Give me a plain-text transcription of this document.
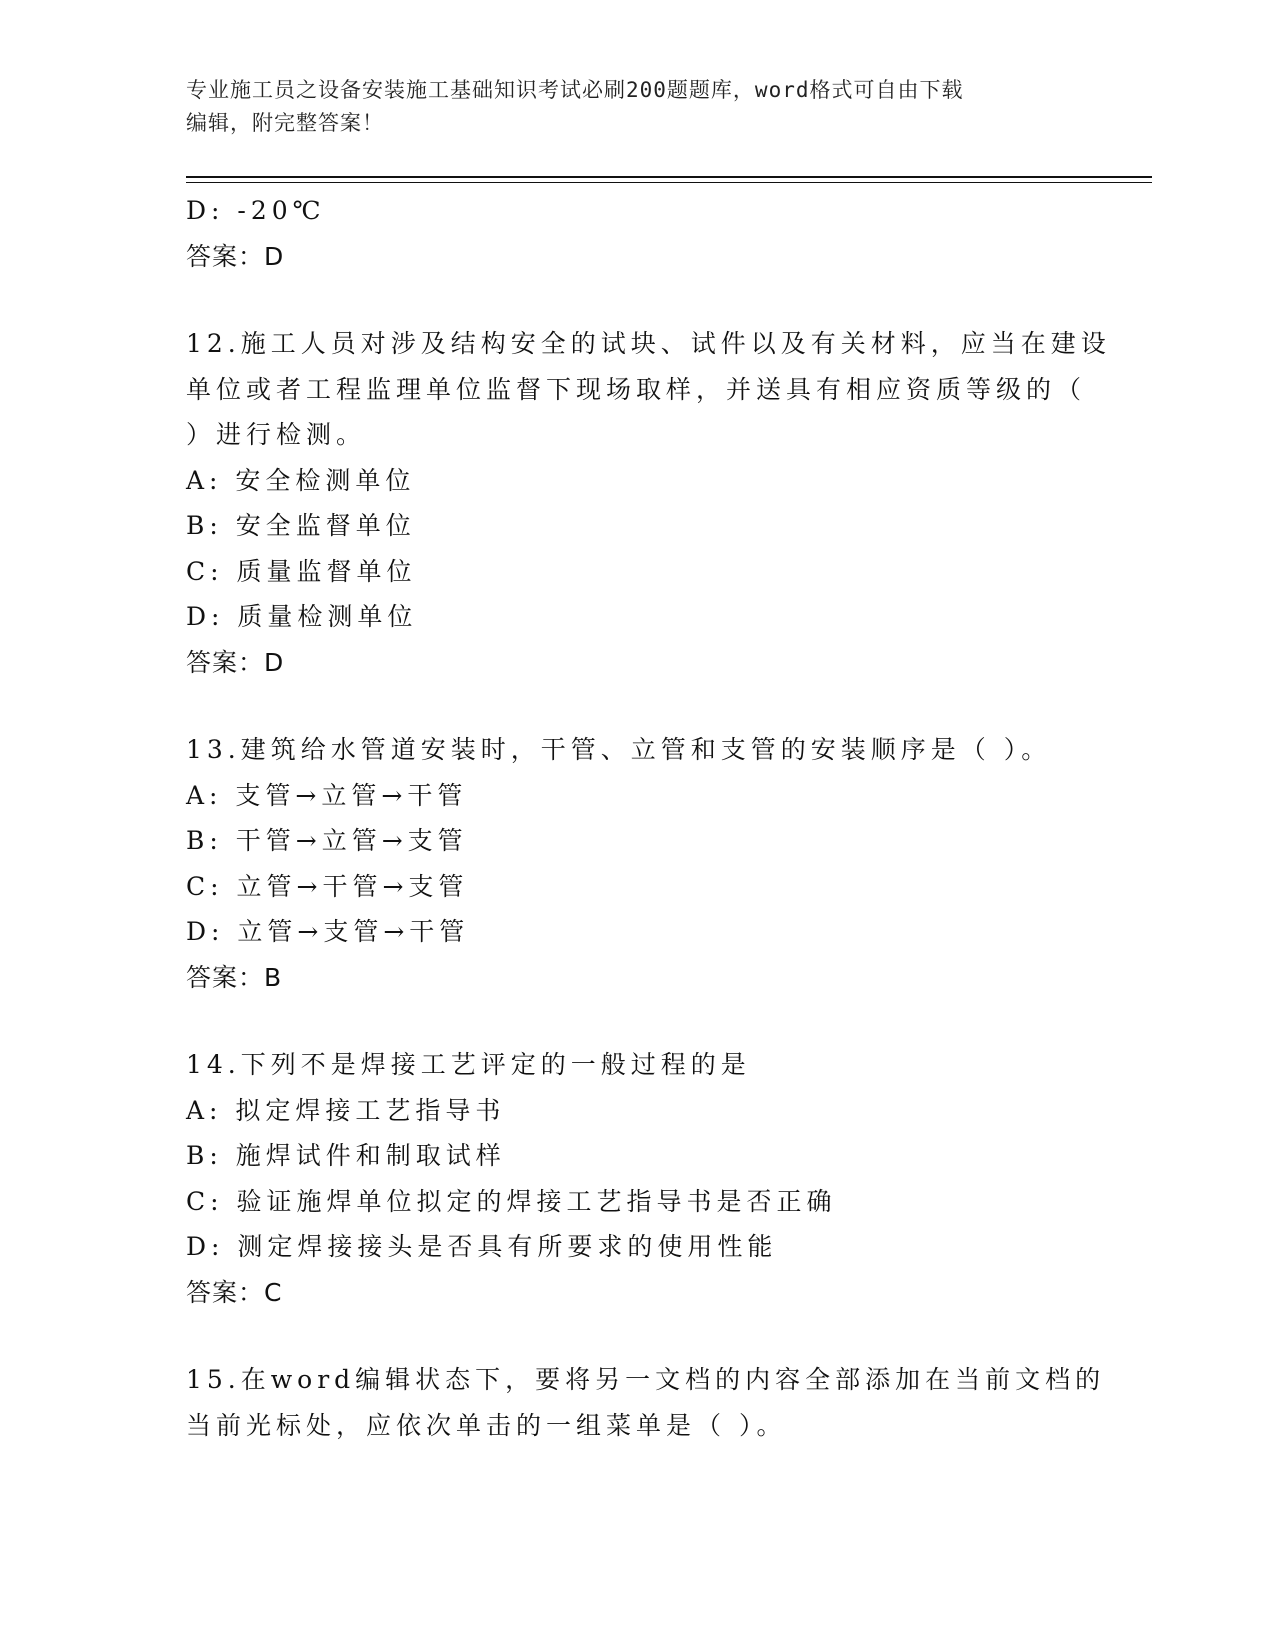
专业施工员之设备安装施工基础知识考试必刷200题题库，word格式可自由下载
编辑，附完整答案！
D: -20℃
答案：D
12.施工人员对涉及结构安全的试块、试件以及有关材料，应当在建设
单位或者工程监理单位监督下现场取样，并送具有相应资质等级的（
）进行检测。
A: 安全检测单位
B: 安全监督单位
C: 质量监督单位
D: 质量检测单位
答案：D
13.建筑给水管道安装时，干管、立管和支管的安装顺序是（ ）。
A: 支管→立管→干管
B: 干管→立管→支管
C: 立管→干管→支管
D: 立管→支管→干管
答案：B
14.下列不是焊接工艺评定的一般过程的是
A: 拟定焊接工艺指导书
B: 施焊试件和制取试样
C: 验证施焊单位拟定的焊接工艺指导书是否正确
D: 测定焊接接头是否具有所要求的使用性能
答案：C
15.在word编辑状态下，要将另一文档的内容全部添加在当前文档的
当前光标处，应依次单击的一组菜单是（ ）。
